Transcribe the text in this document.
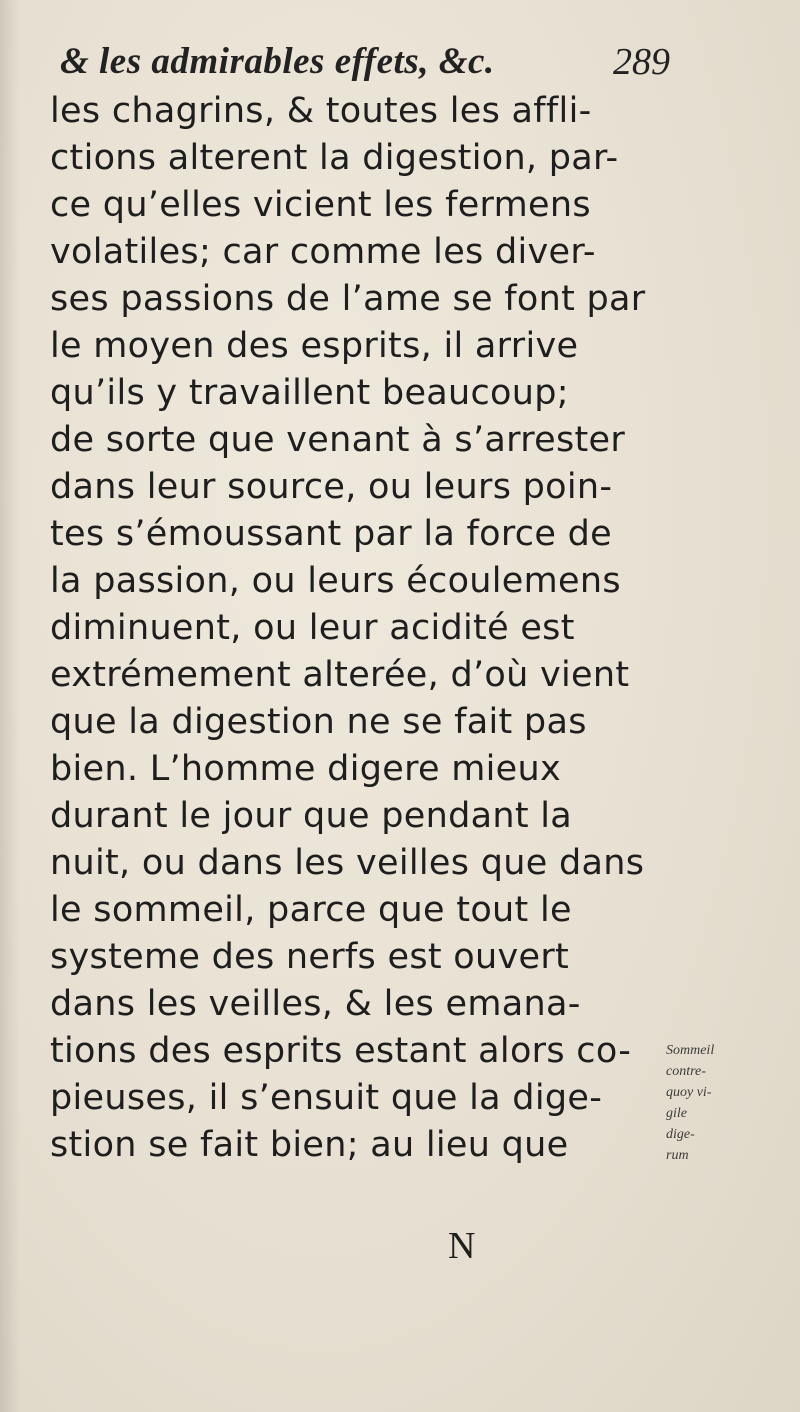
& les admirables effets, &c.	289
les chagrins, & toutes les affli-
ctions alterent la digestion, par-
ce qu’elles vicient les fermens
volatiles; car comme les diver-
ses passions de l’ame se font par
le moyen des esprits, il arrive
qu’ils y travaillent beaucoup;
de sorte que venant à s’arrester
dans leur source, ou leurs poin-
tes s’émoussant par la force de
la passion, ou leurs écoulemens
diminuent, ou leur acidité est
extrémement alterée, d’où vient
que la digestion ne se fait pas
bien. L’homme digere mieux
durant le jour que pendant la
nuit, ou dans les veilles que dans
le sommeil, parce que tout le
systeme des nerfs est ouvert
dans les veilles, & les emana-
tions des esprits estant alors co-
pieuses, il s’ensuit que la dige-
stion se fait bien; au lieu que
Sommeil
contre-
quoy vi-
gile
dige-
rum
N
